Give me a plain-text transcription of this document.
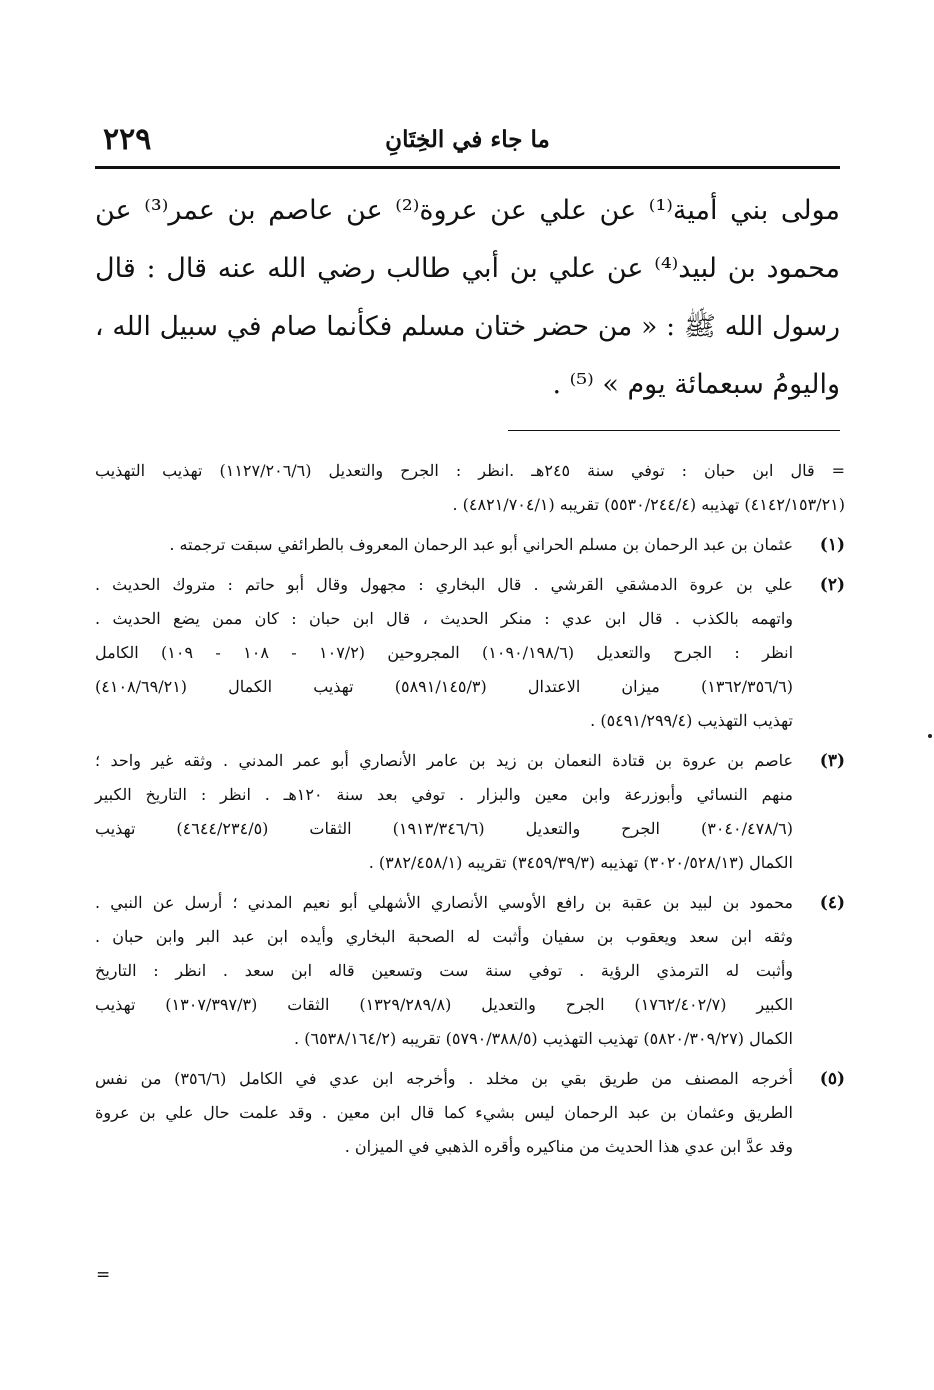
ما جاء في الخِتَانِ
٢٢٩
مولى بني أمية⁽¹⁾ عن علي عن عروة⁽²⁾ عن عاصم بن عمر⁽³⁾ عن
محمود بن لبيد⁽⁴⁾ عن علي بن أبي طالب رضي الله عنه قال : قال
رسول الله ﷺ : « من حضر ختان مسلم فكأنما صام في سبيل الله ،
واليومُ سبعمائة يوم » ⁽⁵⁾ .
= قال ابن حبان : توفي سنة ٢٤٥هـ .انظر : الجرح والتعديل (١١٢٧/٢٠٦/٦) تهذيب التهذيب
(٤١٤٢/١٥٣/٢١) تهذيبه (٥٥٣٠/٢٤٤/٤) تقريبه (٤٨٢١/٧٠٤/١) .
(١)
عثمان بن عبد الرحمان بن مسلم الحراني أبو عبد الرحمان المعروف بالطرائفي سبقت ترجمته .
(٢)
علي بن عروة الدمشقي القرشي . قال البخاري : مجهول وقال أبو حاتم : متروك الحديث .
واتهمه بالكذب . قال ابن عدي : منكر الحديث ، قال ابن حبان : كان ممن يضع الحديث .
انظر : الجرح والتعديل (١٠٩٠/١٩٨/٦) المجروحين (١٠٧/٢ - ١٠٨ - ١٠٩) الكامل
(١٣٦٢/٣٥٦/٦) ميزان الاعتدال (٥٨٩١/١٤٥/٣) تهذيب الكمال (٤١٠٨/٦٩/٢١)
تهذيب التهذيب (٥٤٩١/٢٩٩/٤) .
(٣)
عاصم بن عروة بن قتادة النعمان بن زيد بن عامر الأنصاري أبو عمر المدني . وثقه غير واحد ؛
منهم النسائي وأبوزرعة وابن معين والبزار . توفي بعد سنة ١٢٠هـ . انظر : التاريخ الكبير
(٣٠٤٠/٤٧٨/٦) الجرح والتعديل (١٩١٣/٣٤٦/٦) الثقات (٤٦٤٤/٢٣٤/٥) تهذيب
الكمال (٣٠٢٠/٥٢٨/١٣) تهذيبه (٣٤٥٩/٣٩/٣) تقريبه (٣٨٢/٤٥٨/١) .
(٤)
محمود بن لبيد بن عقبة بن رافع الأوسي الأنصاري الأشهلي أبو نعيم المدني ؛ أرسل عن النبي .
وثقه ابن سعد ويعقوب بن سفيان وأثبت له الصحبة البخاري وأيده ابن عبد البر وابن حبان .
وأثبت له الترمذي الرؤية . توفي سنة ست وتسعين قاله ابن سعد . انظر : التاريخ
الكبير (١٧٦٢/٤٠٢/٧) الجرح والتعديل (١٣٢٩/٢٨٩/٨) الثقات (١٣٠٧/٣٩٧/٣) تهذيب
الكمال (٥٨٢٠/٣٠٩/٢٧) تهذيب التهذيب (٥٧٩٠/٣٨٨/٥) تقريبه (٦٥٣٨/١٦٤/٢) .
(٥)
أخرجه المصنف من طريق بقي بن مخلد . وأخرجه ابن عدي في الكامل (٣٥٦/٦) من نفس
الطريق وعثمان بن عبد الرحمان ليس بشيء كما قال ابن معين . وقد علمت حال علي بن عروة
وقد عدَّ ابن عدي هذا الحديث من مناكيره وأقره الذهبي في الميزان .
=
